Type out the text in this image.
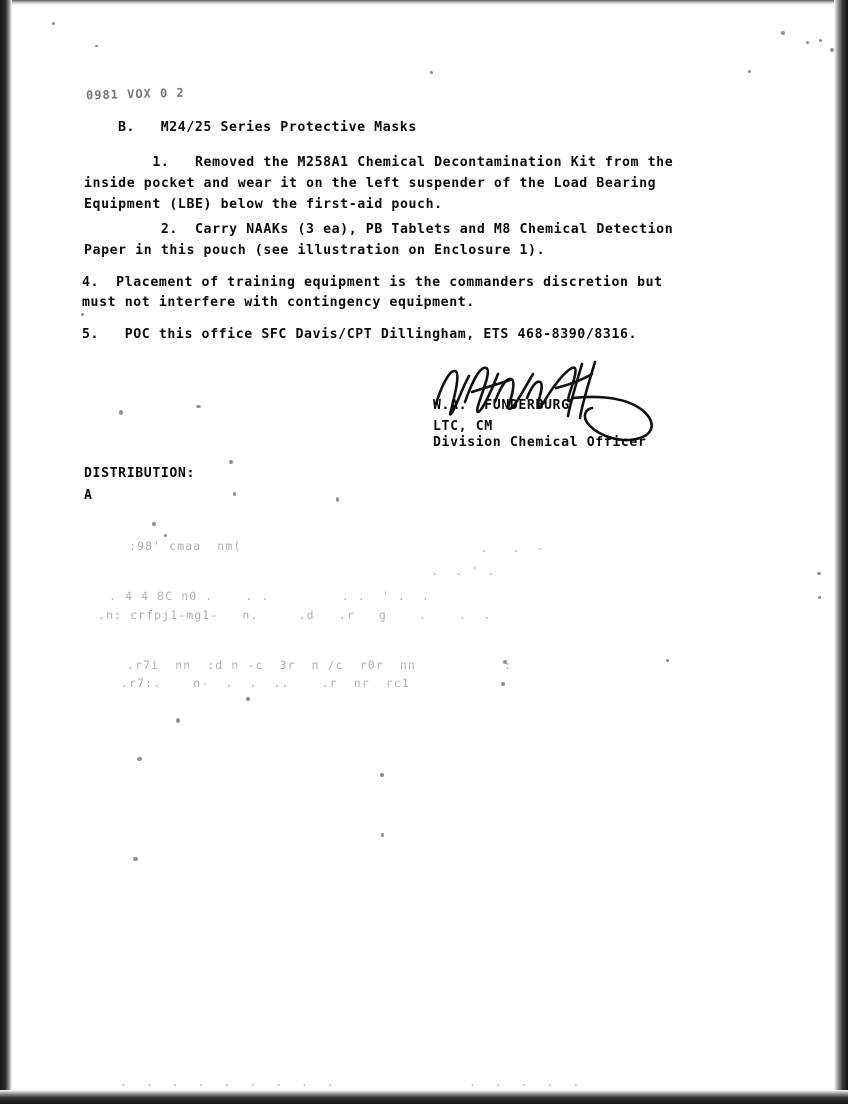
. . . . . . . . .          . . . . .
0981 VOX 0 2
B.   M24/25 Series Protective Masks
1.   Removed the M258A1 Chemical Decontamination Kit from the
inside pocket and wear it on the left suspender of the Load Bearing
Equipment (LBE) below the first-aid pouch.
2.  Carry NAAKs (3 ea), PB Tablets and M8 Chemical Detection
Paper in this pouch (see illustration on Enclosure 1).
4.  Placement of training equipment is the commanders discretion but
must not interfere with contingency equipment.
5.   POC this office SFC Davis/CPT Dillingham, ETS 468-8390/8316.
W.A.  FUNDERBURG
LTC, CM
Division Chemical Officer
DISTRIBUTION:
A
:98' cmaa  nm(	.   .  -
.  . ' .
. 4 4 8C n0 .    . .         . .  ' .  .
.n: crfpj1-mg1-   n.     .d   .r   g    .    .  .
.r7i  nn  :d n -c  3r  n /c  r0r  nn           :
.r7:.    n-  .  .  ..    .r  nr  rc1
